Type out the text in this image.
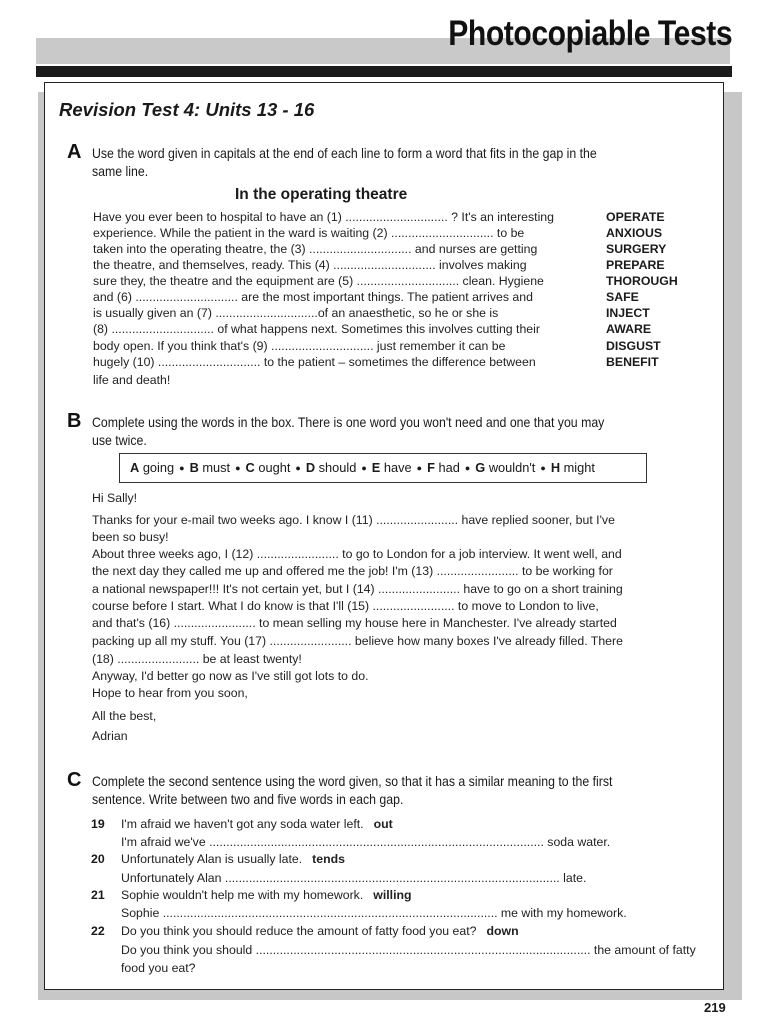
Photocopiable Tests
Revision Test 4: Units 13 - 16
A Use the word given in capitals at the end of each line to form a word that fits in the gap in the
same line.
In the operating theatre
Have you ever been to hospital to have an (1) .............................. ? It's an interesting
experience. While the patient in the ward is waiting (2) .............................. to be
taken into the operating theatre, the (3) .............................. and nurses are getting
the theatre, and themselves, ready. This (4) .............................. involves making
sure they, the theatre and the equipment are (5) .............................. clean. Hygiene
and (6) .............................. are the most important things. The patient arrives and
is usually given an (7) ..............................of an anaesthetic, so he or she is
(8) .............................. of what happens next. Sometimes this involves cutting their
body open. If you think that's (9) .............................. just remember it can be
hugely (10) .............................. to the patient – sometimes the difference between
life and death!
OPERATE
ANXIOUS
SURGERY
PREPARE
THOROUGH
SAFE
INJECT
AWARE
DISGUST
BENEFIT
B Complete using the words in the box. There is one word you won't need and one that you may
use twice.
A going ● B must ● C ought ● D should ● E have ● F had ● G wouldn't ● H might
Hi Sally!
Thanks for your e-mail two weeks ago. I know I (11) ........................ have replied sooner, but I've
been so busy!
About three weeks ago, I (12) ........................ to go to London for a job interview. It went well, and
the next day they called me up and offered me the job! I'm (13) ........................ to be working for
a national newspaper!!! It's not certain yet, but I (14) ........................ have to go on a short training
course before I start. What I do know is that I'll (15) ........................ to move to London to live,
and that's (16) ........................ to mean selling my house here in Manchester. I've already started
packing up all my stuff. You (17) ........................ believe how many boxes I've already filled. There
(18) ........................ be at least twenty!
Anyway, I'd better go now as I've still got lots to do.
Hope to hear from you soon,
All the best,
Adrian
C Complete the second sentence using the word given, so that it has a similar meaning to the first
sentence. Write between two and five words in each gap.
19 I'm afraid we haven't got any soda water left. out
I'm afraid we've .................................................................................................. soda water.
20 Unfortunately Alan is usually late. tends
Unfortunately Alan .................................................................................................. late.
21 Sophie wouldn't help me with my homework. willing
Sophie .................................................................................................. me with my homework.
22 Do you think you should reduce the amount of fatty food you eat? down
Do you think you should .................................................................................................. the amount of fatty
food you eat?
219
